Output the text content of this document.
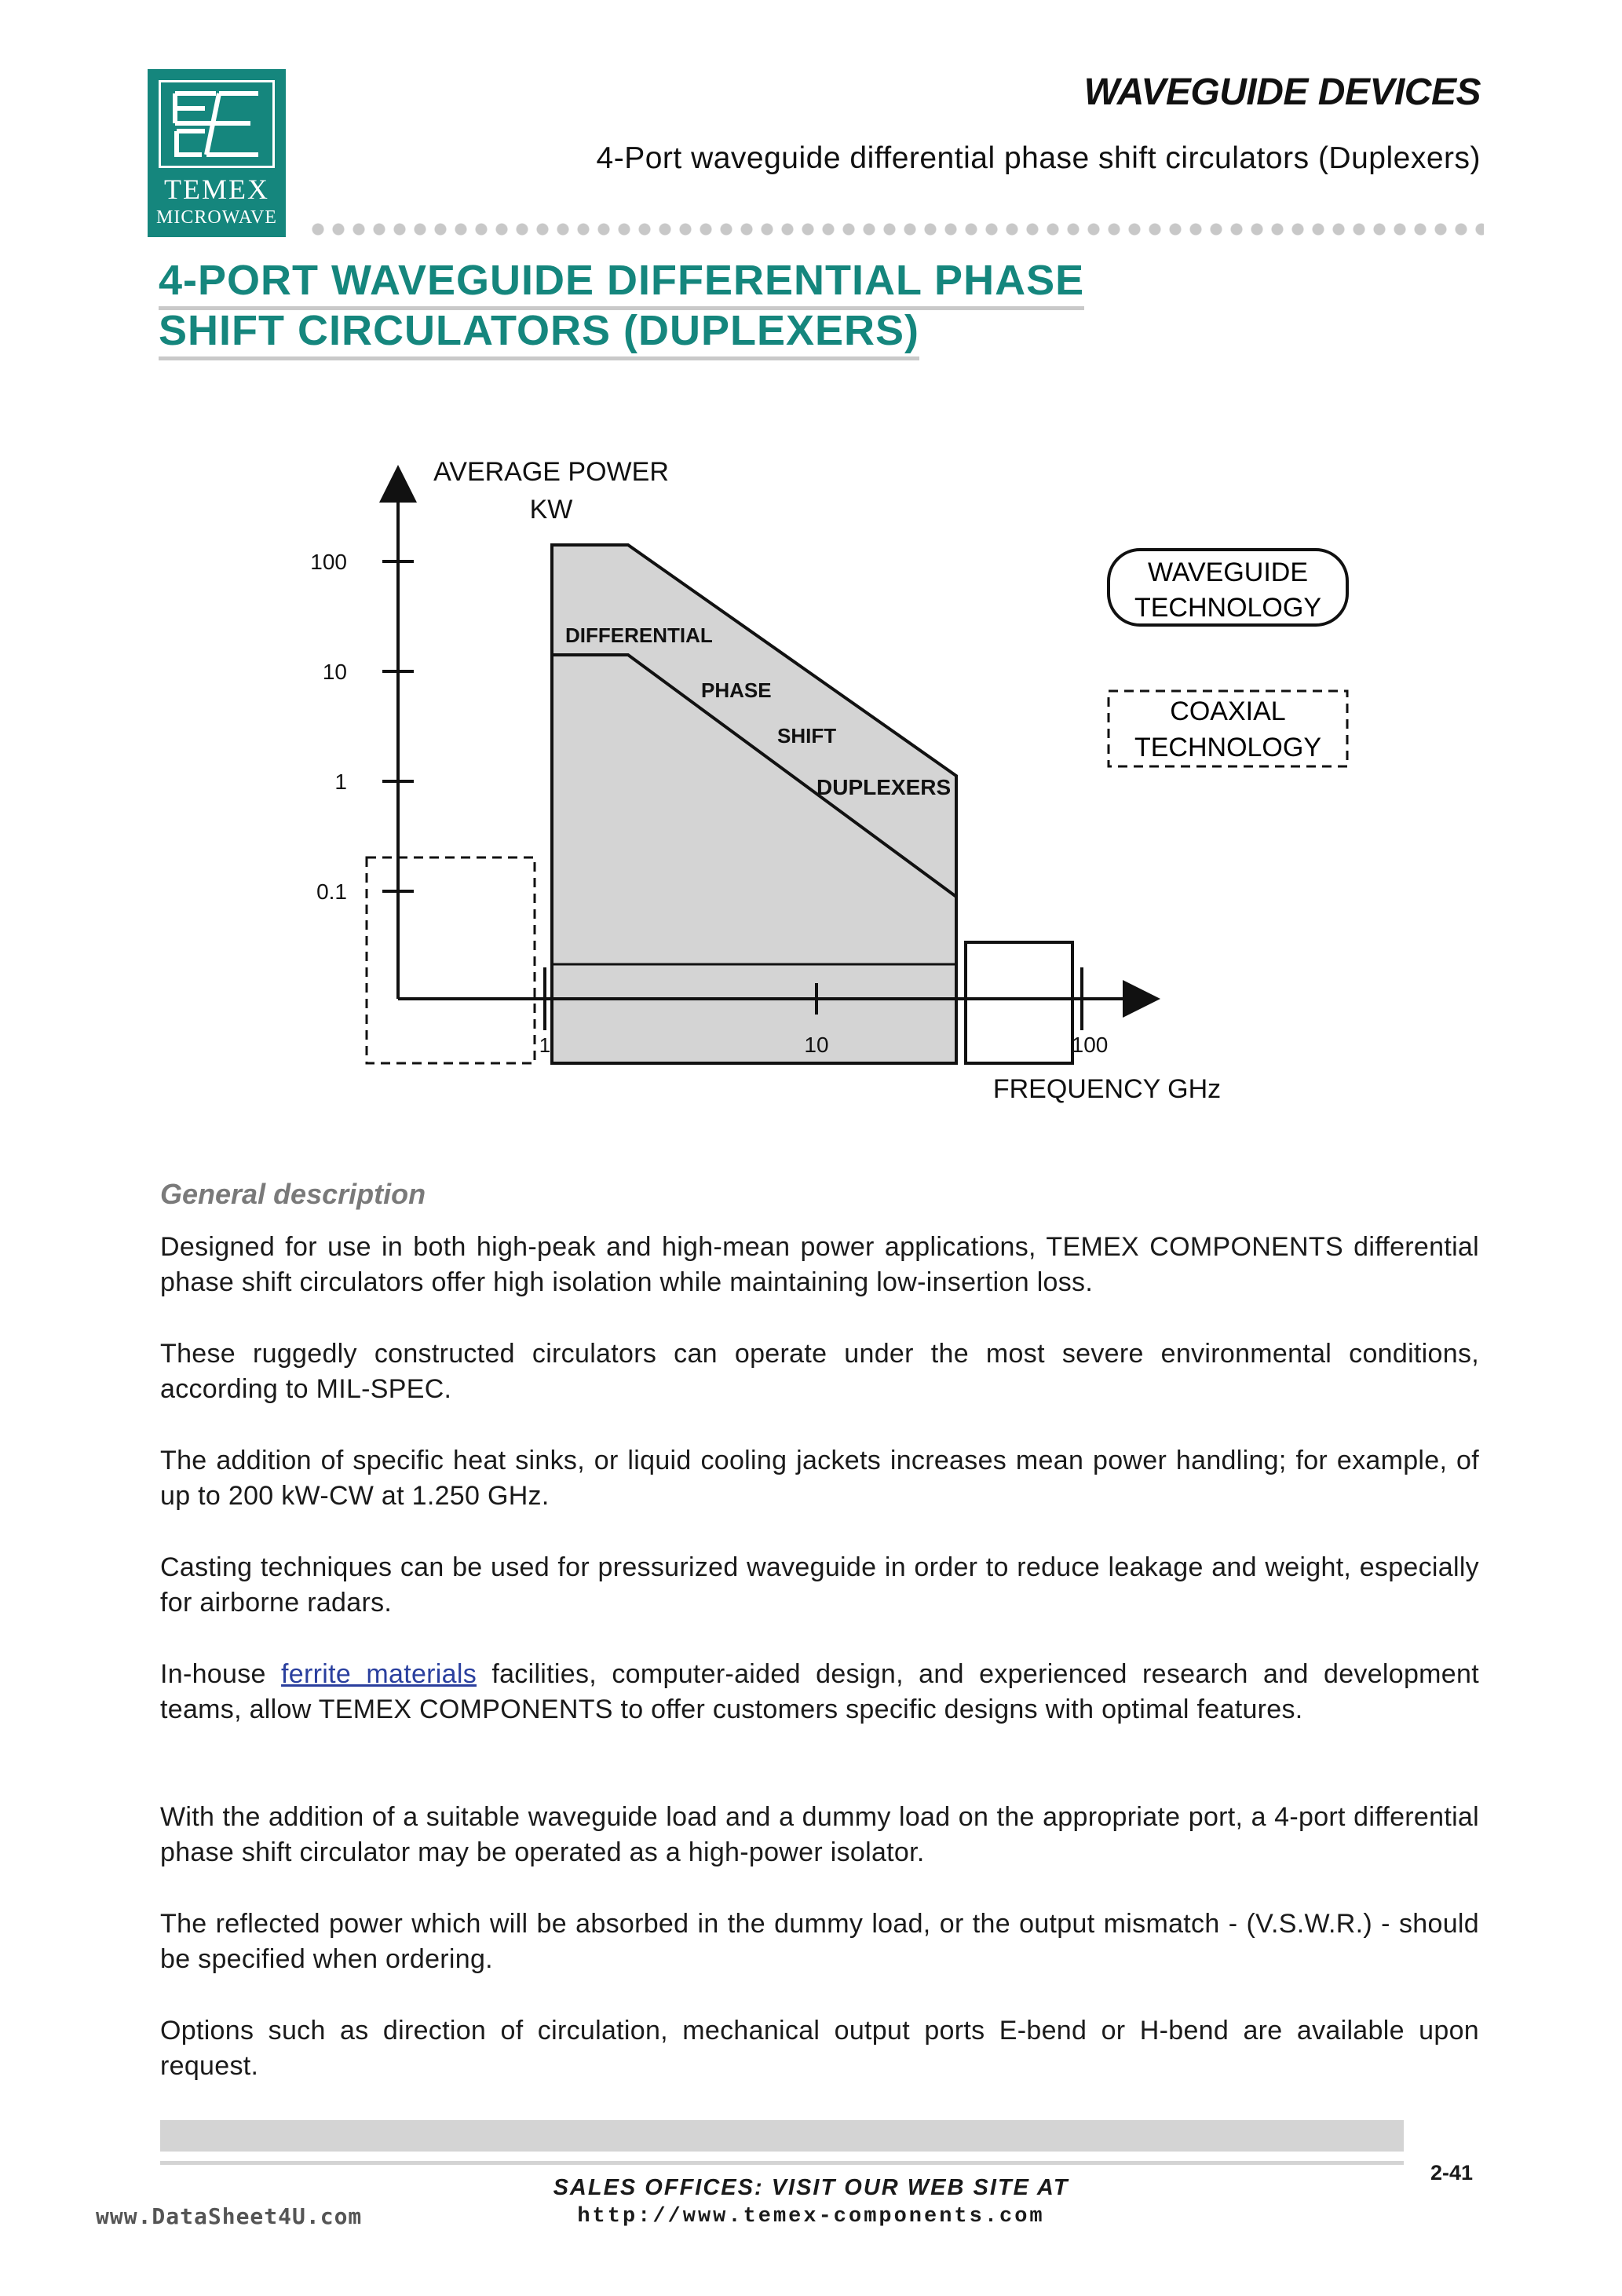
TEMEX
MICROWAVE
WAVEGUIDE DEVICES
4-Port waveguide differential phase shift circulators (Duplexers)
4-PORT WAVEGUIDE DIFFERENTIAL PHASE
SHIFT CIRCULATORS (DUPLEXERS)
100
10
1
0.1
1	10	100
AVERAGE POWER
KW
FREQUENCY GHz
DIFFERENTIAL
PHASE
SHIFT
DUPLEXERS
WAVEGUIDE
TECHNOLOGY
COAXIAL
TECHNOLOGY
General description
Designed for use in both high-peak and high-mean power applications, TEMEX COMPONENTS differential phase shift circulators offer high isolation while maintaining low-insertion loss.
These ruggedly constructed circulators can operate under the most severe environmental conditions, according to MIL-SPEC.
The addition of specific heat sinks, or liquid cooling jackets increases mean power handling; for example, of up to 200 kW-CW at 1.250 GHz.
Casting techniques can be used for pressurized waveguide in order to reduce leakage and weight, especially for airborne radars.
In-house ferrite materials facilities, computer-aided design, and experienced research and development teams, allow TEMEX COMPONENTS to offer customers specific designs with optimal features.
With the addition of a suitable waveguide load and a dummy load on the appropriate port, a 4-port differential phase shift circulator may be operated as a high-power isolator.
The reflected power which will be absorbed in the dummy load, or the output mismatch - (V.S.W.R.) - should be specified when ordering.
Options such as direction of circulation, mechanical output ports E-bend or H-bend are available upon request.
2-41
SALES OFFICES: VISIT OUR WEB SITE AT
http://www.temex-components.com
www.DataSheet4U.com
